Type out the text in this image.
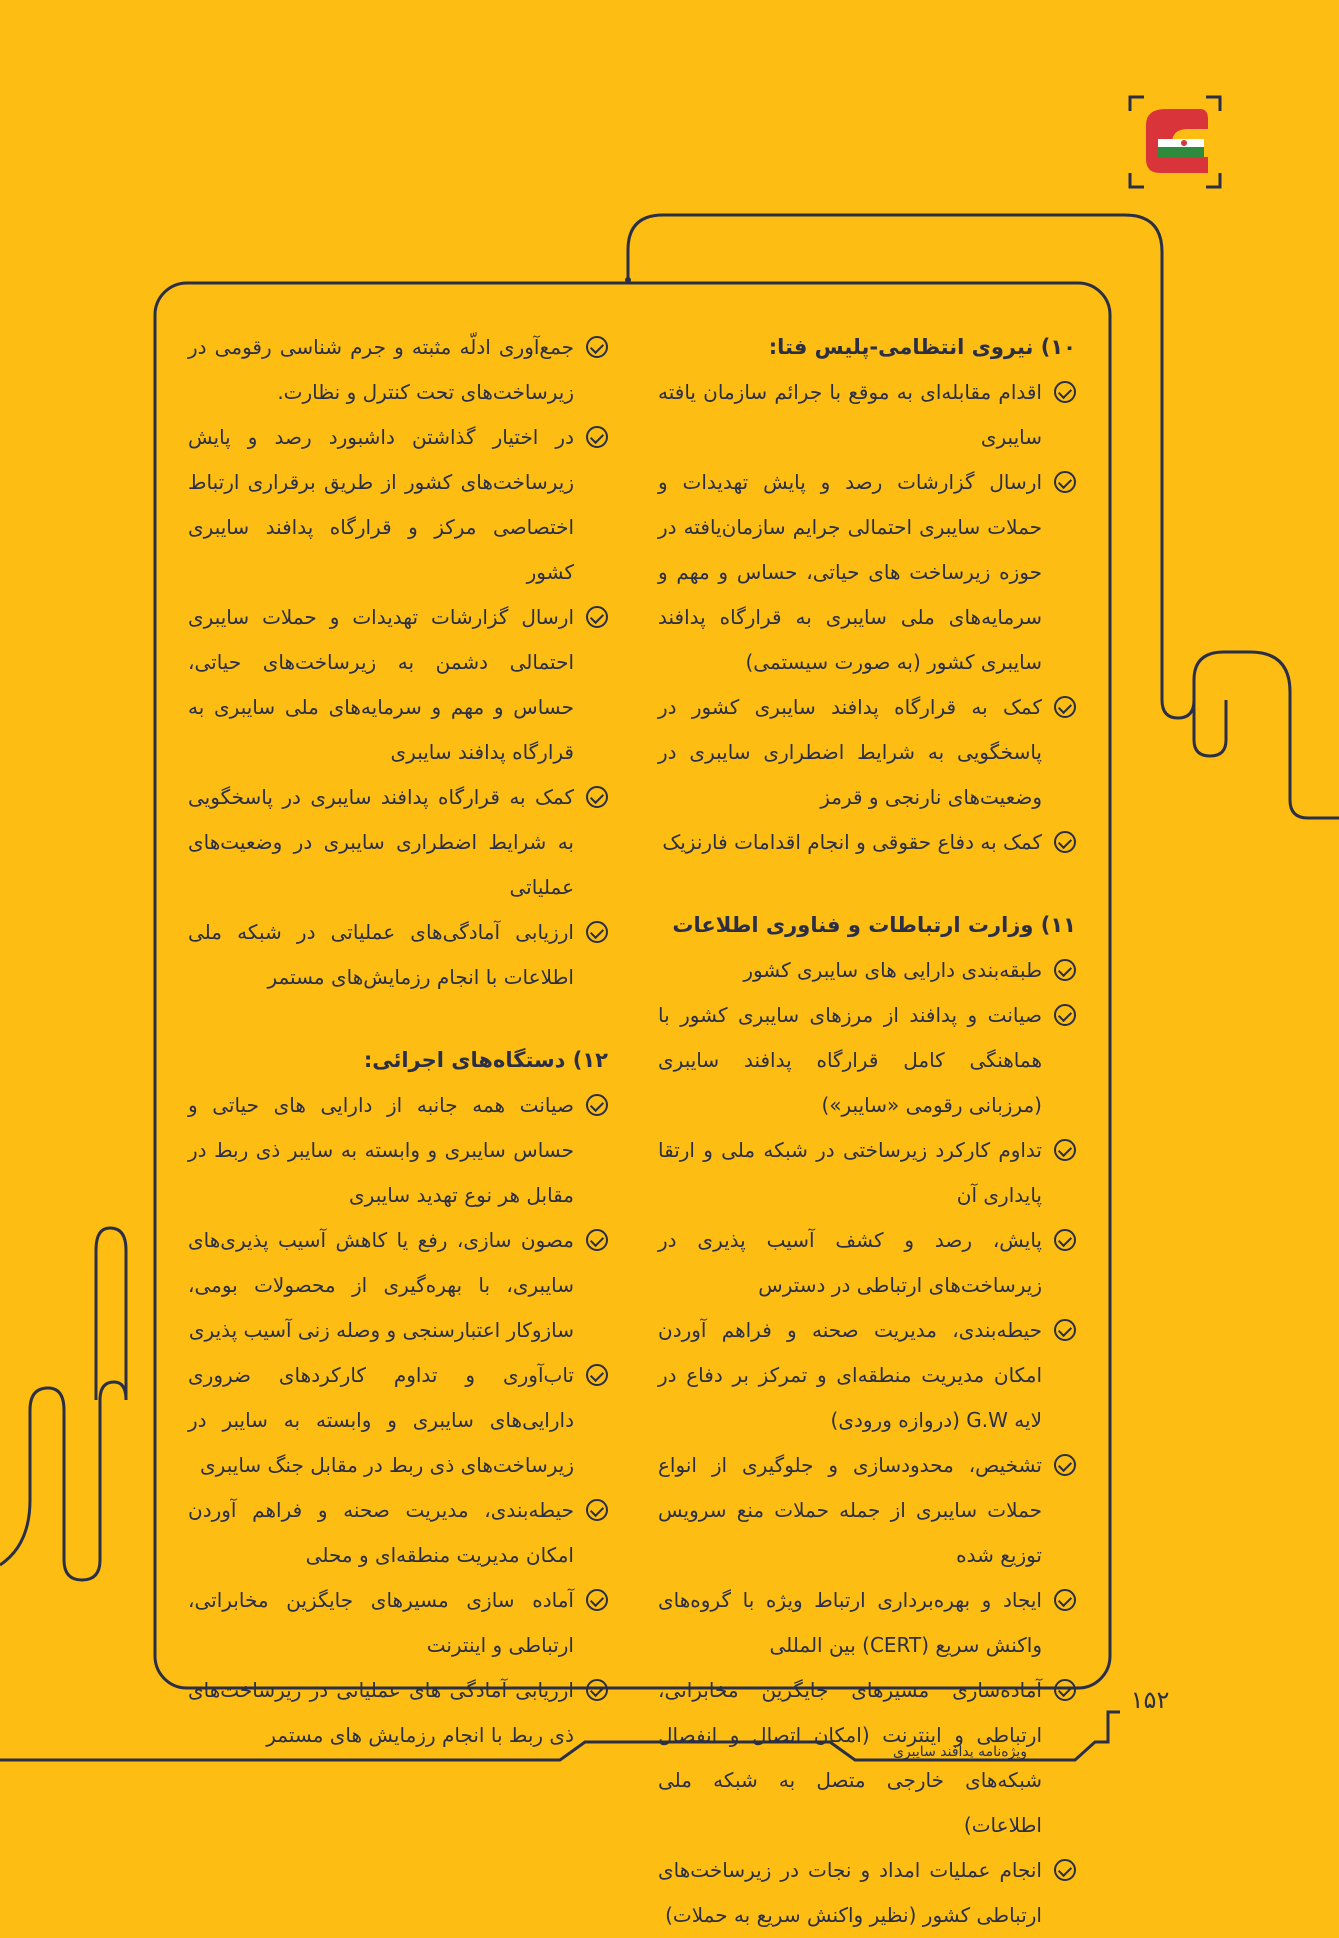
۱۰) نیروی انتظامی-پلیس فتا:
اقدام مقابله‌ای به موقع با جرائم سازمان یافته سایبری
ارسال گزارشات رصد و پایش تهدیدات و حملات سایبری احتمالی جرایم سازمان‌یافته در حوزه زیرساخت های حیاتی، حساس و مهم و سرمایه‌های ملی سایبری به قرارگاه پدافند سایبری کشور (به صورت سیستمی)
کمک به قرارگاه پدافند سایبری کشور در پاسخگویی به شرایط اضطراری سایبری در وضعیت‌های نارنجی و قرمز
کمک به دفاع حقوقی و انجام اقدامات فارنزیک
۱۱) وزارت ارتباطات و فناوری اطلاعات
طبقه‌بندی دارایی های سایبری کشور
صیانت و پدافند از مرزهای سایبری کشور با هماهنگی کامل قرارگاه پدافند سایبری (مرزبانی رقومی «سایبر»)
تداوم کارکرد زیرساختی در شبکه ملی و ارتقا پایداری آن
پایش، رصد و کشف آسیب پذیری در زیرساخت‌های ارتباطی در دسترس
حیطه‌بندی، مدیریت صحنه و فراهم آوردن امکان مدیریت منطقه‌ای و تمرکز بر دفاع در لایه G.W (دروازه ورودی)
تشخیص، محدودسازی و جلوگیری از انواع حملات سایبری از جمله حملات منع سرویس توزیع شده
ایجاد و بهره‌برداری ارتباط ویژه با گروه‌های واکنش سریع (CERT) بین المللی
آماده‌سازی مسیرهای جایگزین مخابراتی، ارتباطی و اینترنت (امکان اتصال و انفصال شبکه‌های خارجی متصل به شبکه ملی اطلاعات)
انجام عملیات امداد و نجات در زیرساخت‌های ارتباطی کشور (نظیر واکنش سریع به حملات)
جمع‌آوری ادلّه مثبته و جرم شناسی رقومی در زیرساخت‌های تحت کنترل و نظارت.
در اختیار گذاشتن داشبورد رصد و پایش زیرساخت‌های کشور از طریق برقراری ارتباط اختصاصی مرکز و قرارگاه پدافند سایبری کشور
ارسال گزارشات تهدیدات و حملات سایبری احتمالی دشمن به زیرساخت‌های حیاتی، حساس و مهم و سرمایه‌های ملی سایبری به قرارگاه پدافند سایبری
کمک به قرارگاه پدافند سایبری در پاسخگویی به شرایط اضطراری سایبری در وضعیت‌های عملیاتی
ارزیابی آمادگی‌های عملیاتی در شبکه ملی اطلاعات با انجام رزمایش‌های مستمر
۱۲) دستگاه‌های اجرائی:
صیانت همه جانبه از دارایی های حیاتی و حساس سایبری و وابسته به سایبر ذی ربط در مقابل هر نوع تهدید سایبری
مصون سازی، رفع یا کاهش آسیب پذیری‌های سایبری، با بهره‌گیری از محصولات بومی، سازوکار اعتبارسنجی و وصله زنی آسیب پذیری
تاب‌آوری و تداوم کارکردهای ضروری دارایی‌های سایبری و وابسته به سایبر در زیرساخت‌های ذی ربط در مقابل جنگ سایبری
حیطه‌بندی، مدیریت صحنه و فراهم آوردن امکان مدیریت منطقه‌ای و محلی
آماده سازی مسیرهای جایگزین مخابراتی، ارتباطی و اینترنت
ارزیابی آمادگی های عملیاتی در زیرساخت‌های ذی ربط با انجام رزمایش های مستمر
۱۵۲
ویژه‌نامه پدافند سایبری
